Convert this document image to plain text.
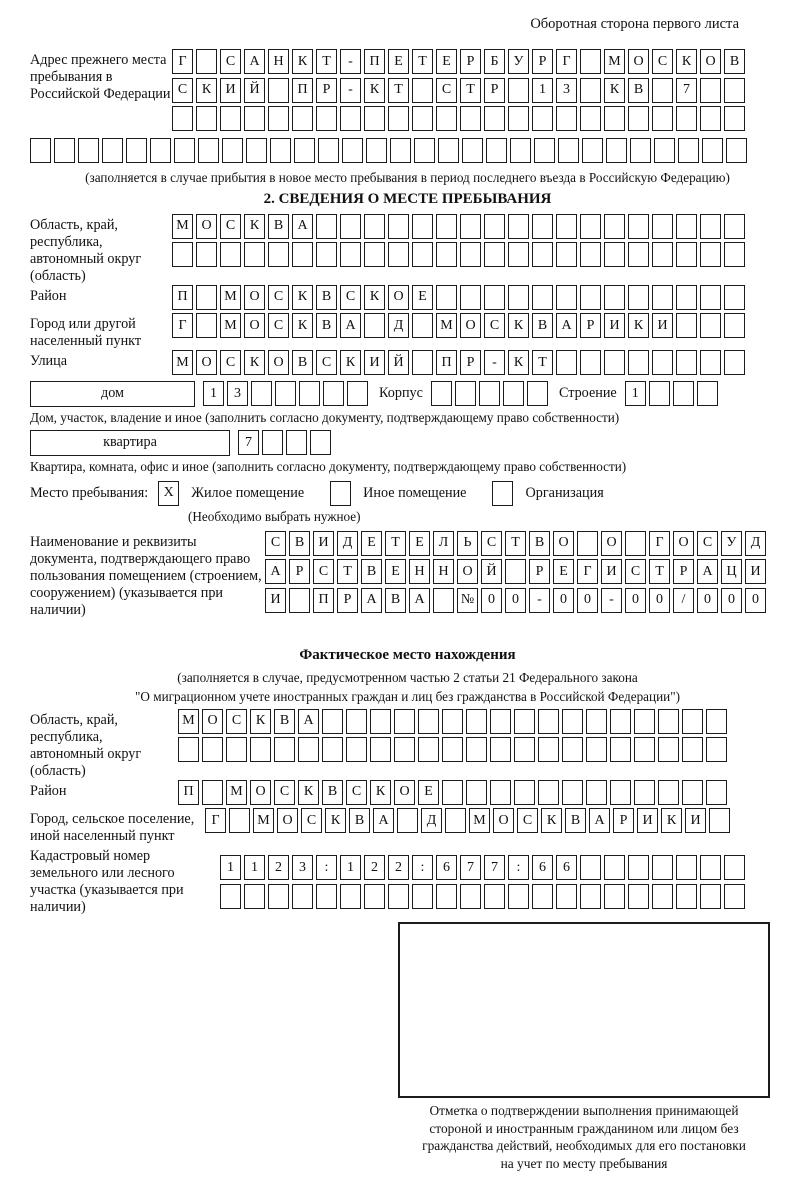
Оборотная сторона первого листа
Адрес прежнего места пребывания в Российской Федерации
Г	С	А Н	К	Т	-	П	Е	Т	Е	Р	Б	У	Р	Г	М О	С	К	О	В
С	К	И Й	П	Р	-	К	Т	С	Т	Р	1	3	К	В	7
(заполняется в случае прибытия в новое место пребывания в период последнего въезда в Российскую Федерацию)
2. СВЕДЕНИЯ О МЕСТЕ ПРЕБЫВАНИЯ
Область, край, республика, автономный округ (область)
М О	С	К	В	А
Район	П	М О	С	К	В	С	К	О	Е
Город или другой населенный пункт
Г	М О	С	К	В	А	Д	М О	С	К	В	А	Р	И	К	И
Улица	М О	С	К	О	В	С	К	И Й	П	Р	-	К	Т
дом	1	3	Корпус	Строение	1
Дом, участок, владение и иное (заполнить согласно документу, подтверждающему право собственности)
квартира	7
Квартира, комната, офис и иное (заполнить согласно документу, подтверждающему право собственности)
Место пребывания:	X	Жилое помещение	Иное помещение	Организация
(Необходимо выбрать нужное)
Наименование и реквизиты документа, подтверждающего право пользования помещением (строением, сооружением) (указывается при наличии)
С	В	И	Д	Е	Т	Е	Л	Ь	С	Т	В	О	О	Г	О	С	У	Д
А	Р	С	Т	В	Е	Н Н О Й	Р	Е	Г	И	С	Т	Р	А Ц И
И	П	Р	А	В	А	№ 0	0	-	0	0	-	0	0	/	0	0	0
Фактическое место нахождения
(заполняется в случае, предусмотренном частью 2 статьи 21 Федерального закона
"О миграционном учете иностранных граждан и лиц без гражданства в Российской Федерации")
Область, край, республика, автономный округ (область)
М О	С	К	В	А
Район	П	М О	С	К	В	С	К	О	Е
Город, сельское поселение, иной населенный пункт
Г	М О	С	К	В	А	Д	М О	С	К	В	А	Р	И	К	И
Кадастровый номер земельного или лесного участка (указывается при наличии)
1	1	2	3	:	1	2	2	:	6	7	7	:	6	6
Отметка о подтверждении выполнения принимающей
стороной и иностранным гражданином или лицом без
гражданства действий, необходимых для его постановки
на учет по месту пребывания
